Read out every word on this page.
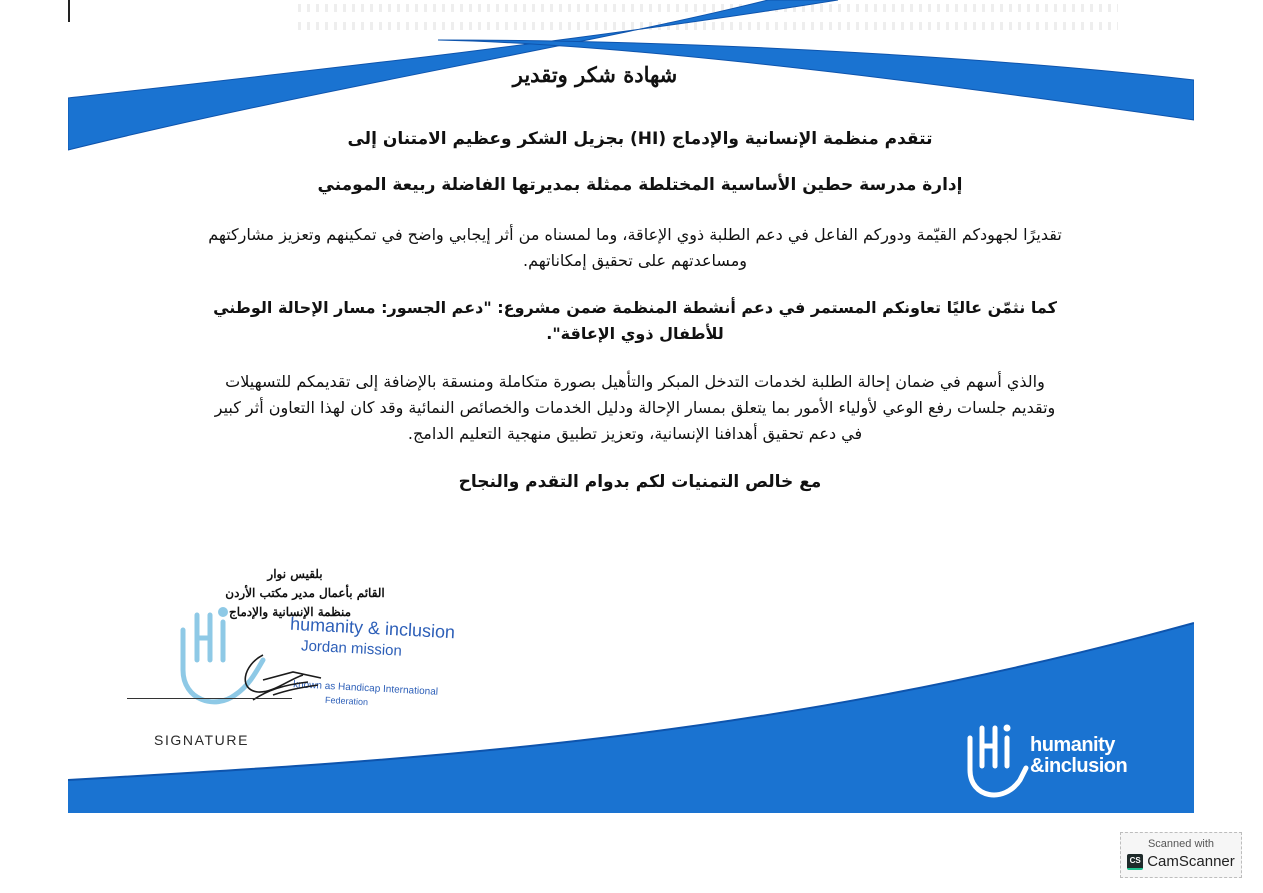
شهادة شكر وتقدير
تتقدم منظمة الإنسانية والإدماج (HI) بجزيل الشكر وعظيم الامتنان إلى
إدارة مدرسة حطين الأساسية المختلطة ممثلة بمديرتها الفاضلة ربيعة المومني
تقديرًا لجهودكم القيّمة ودوركم الفاعل في دعم الطلبة ذوي الإعاقة، وما لمسناه من أثر إيجابي واضح في تمكينهم وتعزيز مشاركتهم ومساعدتهم على تحقيق إمكاناتهم.
كما نثمّن عاليًا تعاونكم المستمر في دعم أنشطة المنظمة ضمن مشروع: "دعم الجسور: مسار الإحالة الوطني للأطفال ذوي الإعاقة".
والذي أسهم في ضمان إحالة الطلبة لخدمات التدخل المبكر والتأهيل بصورة متكاملة ومنسقة بالإضافة إلى تقديمكم للتسهيلات وتقديم جلسات رفع الوعي لأولياء الأمور بما يتعلق بمسار الإحالة ودليل الخدمات والخصائص النمائية وقد كان لهذا التعاون أثر كبير في دعم تحقيق أهدافنا الإنسانية، وتعزيز تطبيق منهجية التعليم الدامج.
مع خالص التمنيات لكم بدوام التقدم والنجاح
humanity & inclusion
Jordan mission
known as Handicap International
Federation
بلقيس نوار
القائم بأعمال مدير مكتب الأردن
منظمة الإنسانية والإدماج
SIGNATURE	humanity
&inclusion
Scanned with
CS CamScanner
